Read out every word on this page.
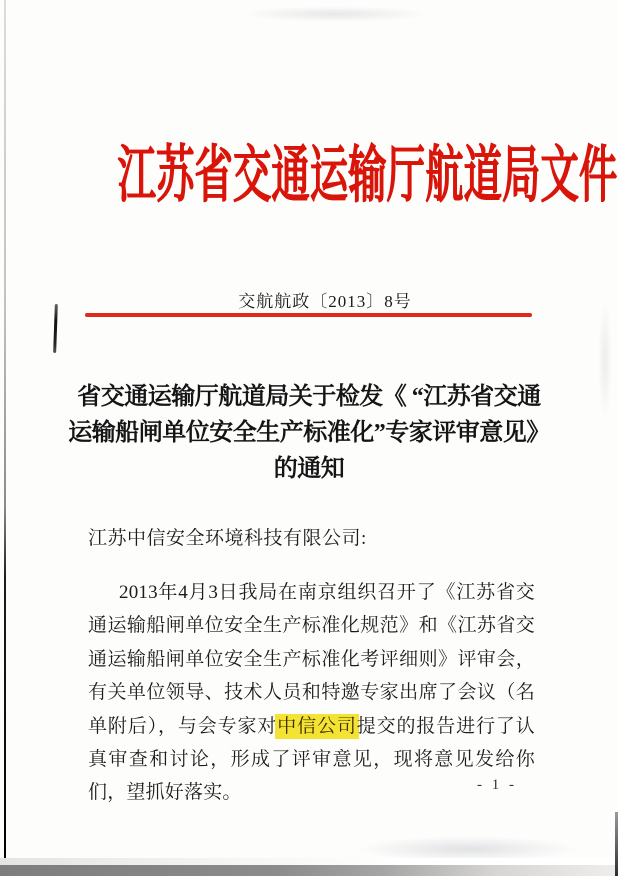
江苏省交通运输厅航道局文件
交航航政〔2013〕8号
省交通运输厅航道局关于检发《 “江苏省交通
运输船闸单位安全生产标准化”专家评审意见》
的通知
江苏中信安全环境科技有限公司:

2013年4月3日我局在南京组织召开了《江苏省交通运输船闸单位安全生产标准化规范》和《江苏省交通运输船闸单位安全生产标准化考评细则》评审会，有关单位领导、技术人员和特邀专家出席了会议（名单附后），与会专家对中信公司提交的报告进行了认真审查和讨论，形成了评审意见，现将意见发给你们，望抓好落实。	- 1 -
